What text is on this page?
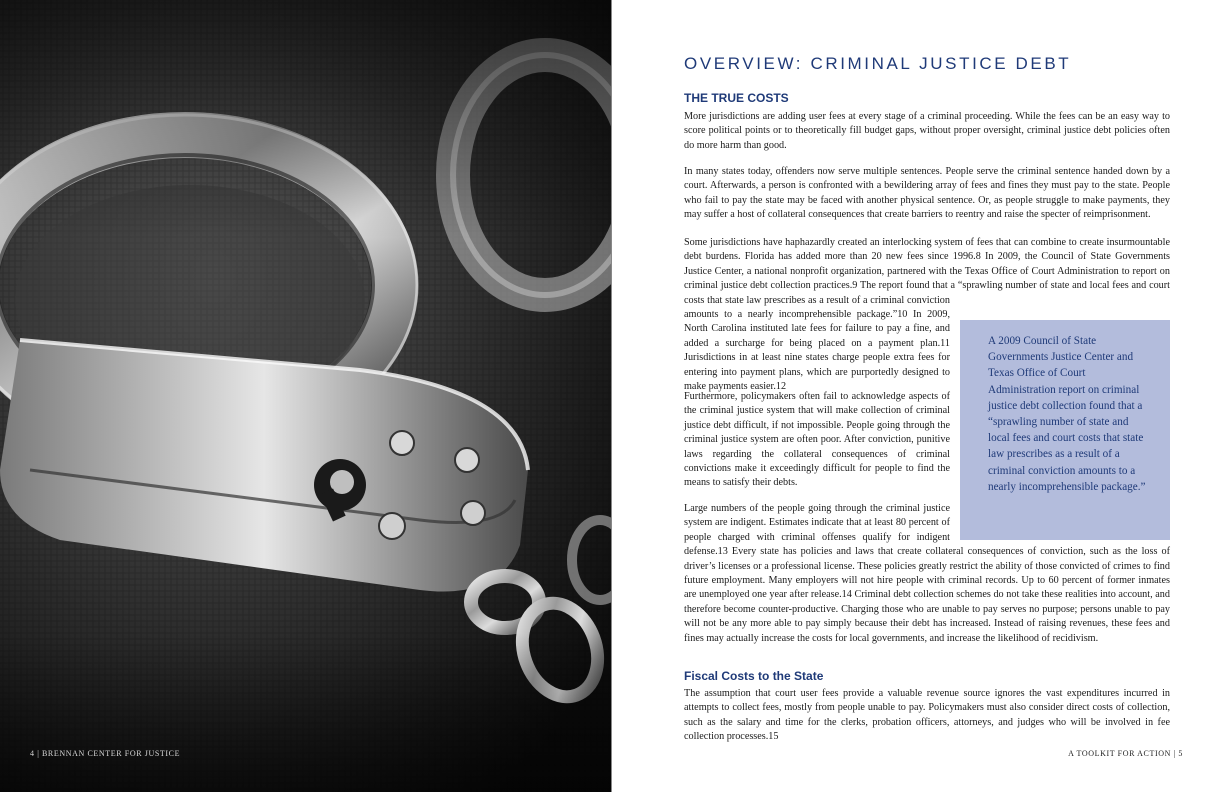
4 | BRENNAN CENTER FOR JUSTICE
OVERVIEW: CRIMINAL JUSTICE DEBT
THE TRUE COSTS

More jurisdictions are adding user fees at every stage of a criminal proceeding. While the fees can be an easy way to score political points or to theoretically fill budget gaps, without proper oversight, criminal justice debt policies often do more harm than good.

In many states today, offenders now serve multiple sentences. People serve the criminal sentence handed down by a court. Afterwards, a person is confronted with a bewildering array of fees and fines they must pay to the state. People who fail to pay the state may be faced with another physical sentence. Or, as people struggle to make payments, they may suffer a host of collateral consequences that create barriers to reentry and raise the specter of reimprisonment.

Some jurisdictions have haphazardly created an interlocking system of fees that can combine to create insurmountable debt burdens. Florida has added more than 20 new fees since 1996.8 In 2009, the Council of State Governments Justice Center, a national nonprofit organization, partnered with the Texas Office of Court Administration to report on criminal justice debt collection practices.9 The report found that a “sprawling number of state and local fees and court costs that state law prescribes as a result of a criminal conviction amounts to a nearly incomprehensible package.”10 In 2009, North Carolina instituted late fees for failure to pay a fine, and added a surcharge for being placed on a payment plan.11 Jurisdictions in at least nine states charge people extra fees for entering into payment plans, which are purportedly designed to make payments easier.12

A 2009 Council of State Governments Justice Center and Texas Office of Court Administration report on criminal justice debt collection found that a “sprawling number of state and local fees and court costs that state law prescribes as a result of a criminal conviction amounts to a nearly incomprehensible package.”

Furthermore, policymakers often fail to acknowledge aspects of the criminal justice system that will make collection of criminal justice debt difficult, if not impossible. People going through the criminal justice system are often poor. After conviction, punitive laws regarding the collateral consequences of criminal convictions make it exceedingly difficult for people to find the means to satisfy their debts.

Large numbers of the people going through the criminal justice system are indigent. Estimates indicate that at least 80 percent of people charged with criminal offenses qualify for indigent defense.13 Every state has policies and laws that create collateral consequences of conviction, such as the loss of driver’s licenses or a professional license. These policies greatly restrict the ability of those convicted of crimes to find future employment. Many employers will not hire people with criminal records. Up to 60 percent of former inmates are unemployed one year after release.14 Criminal debt collection schemes do not take these realities into account, and therefore become counter-productive. Charging those who are unable to pay serves no purpose; persons unable to pay will not be any more able to pay simply because their debt has increased. Instead of raising revenues, these fees and fines may actually increase the costs for local governments, and increase the likelihood of recidivism.

Fiscal Costs to the State

The assumption that court user fees provide a valuable revenue source ignores the vast expenditures incurred in attempts to collect fees, mostly from people unable to pay. Policymakers must also consider direct costs of collection, such as the salary and time for the clerks, probation officers, attorneys, and judges who will be involved in fee collection processes.15

A TOOLKIT FOR ACTION | 5
